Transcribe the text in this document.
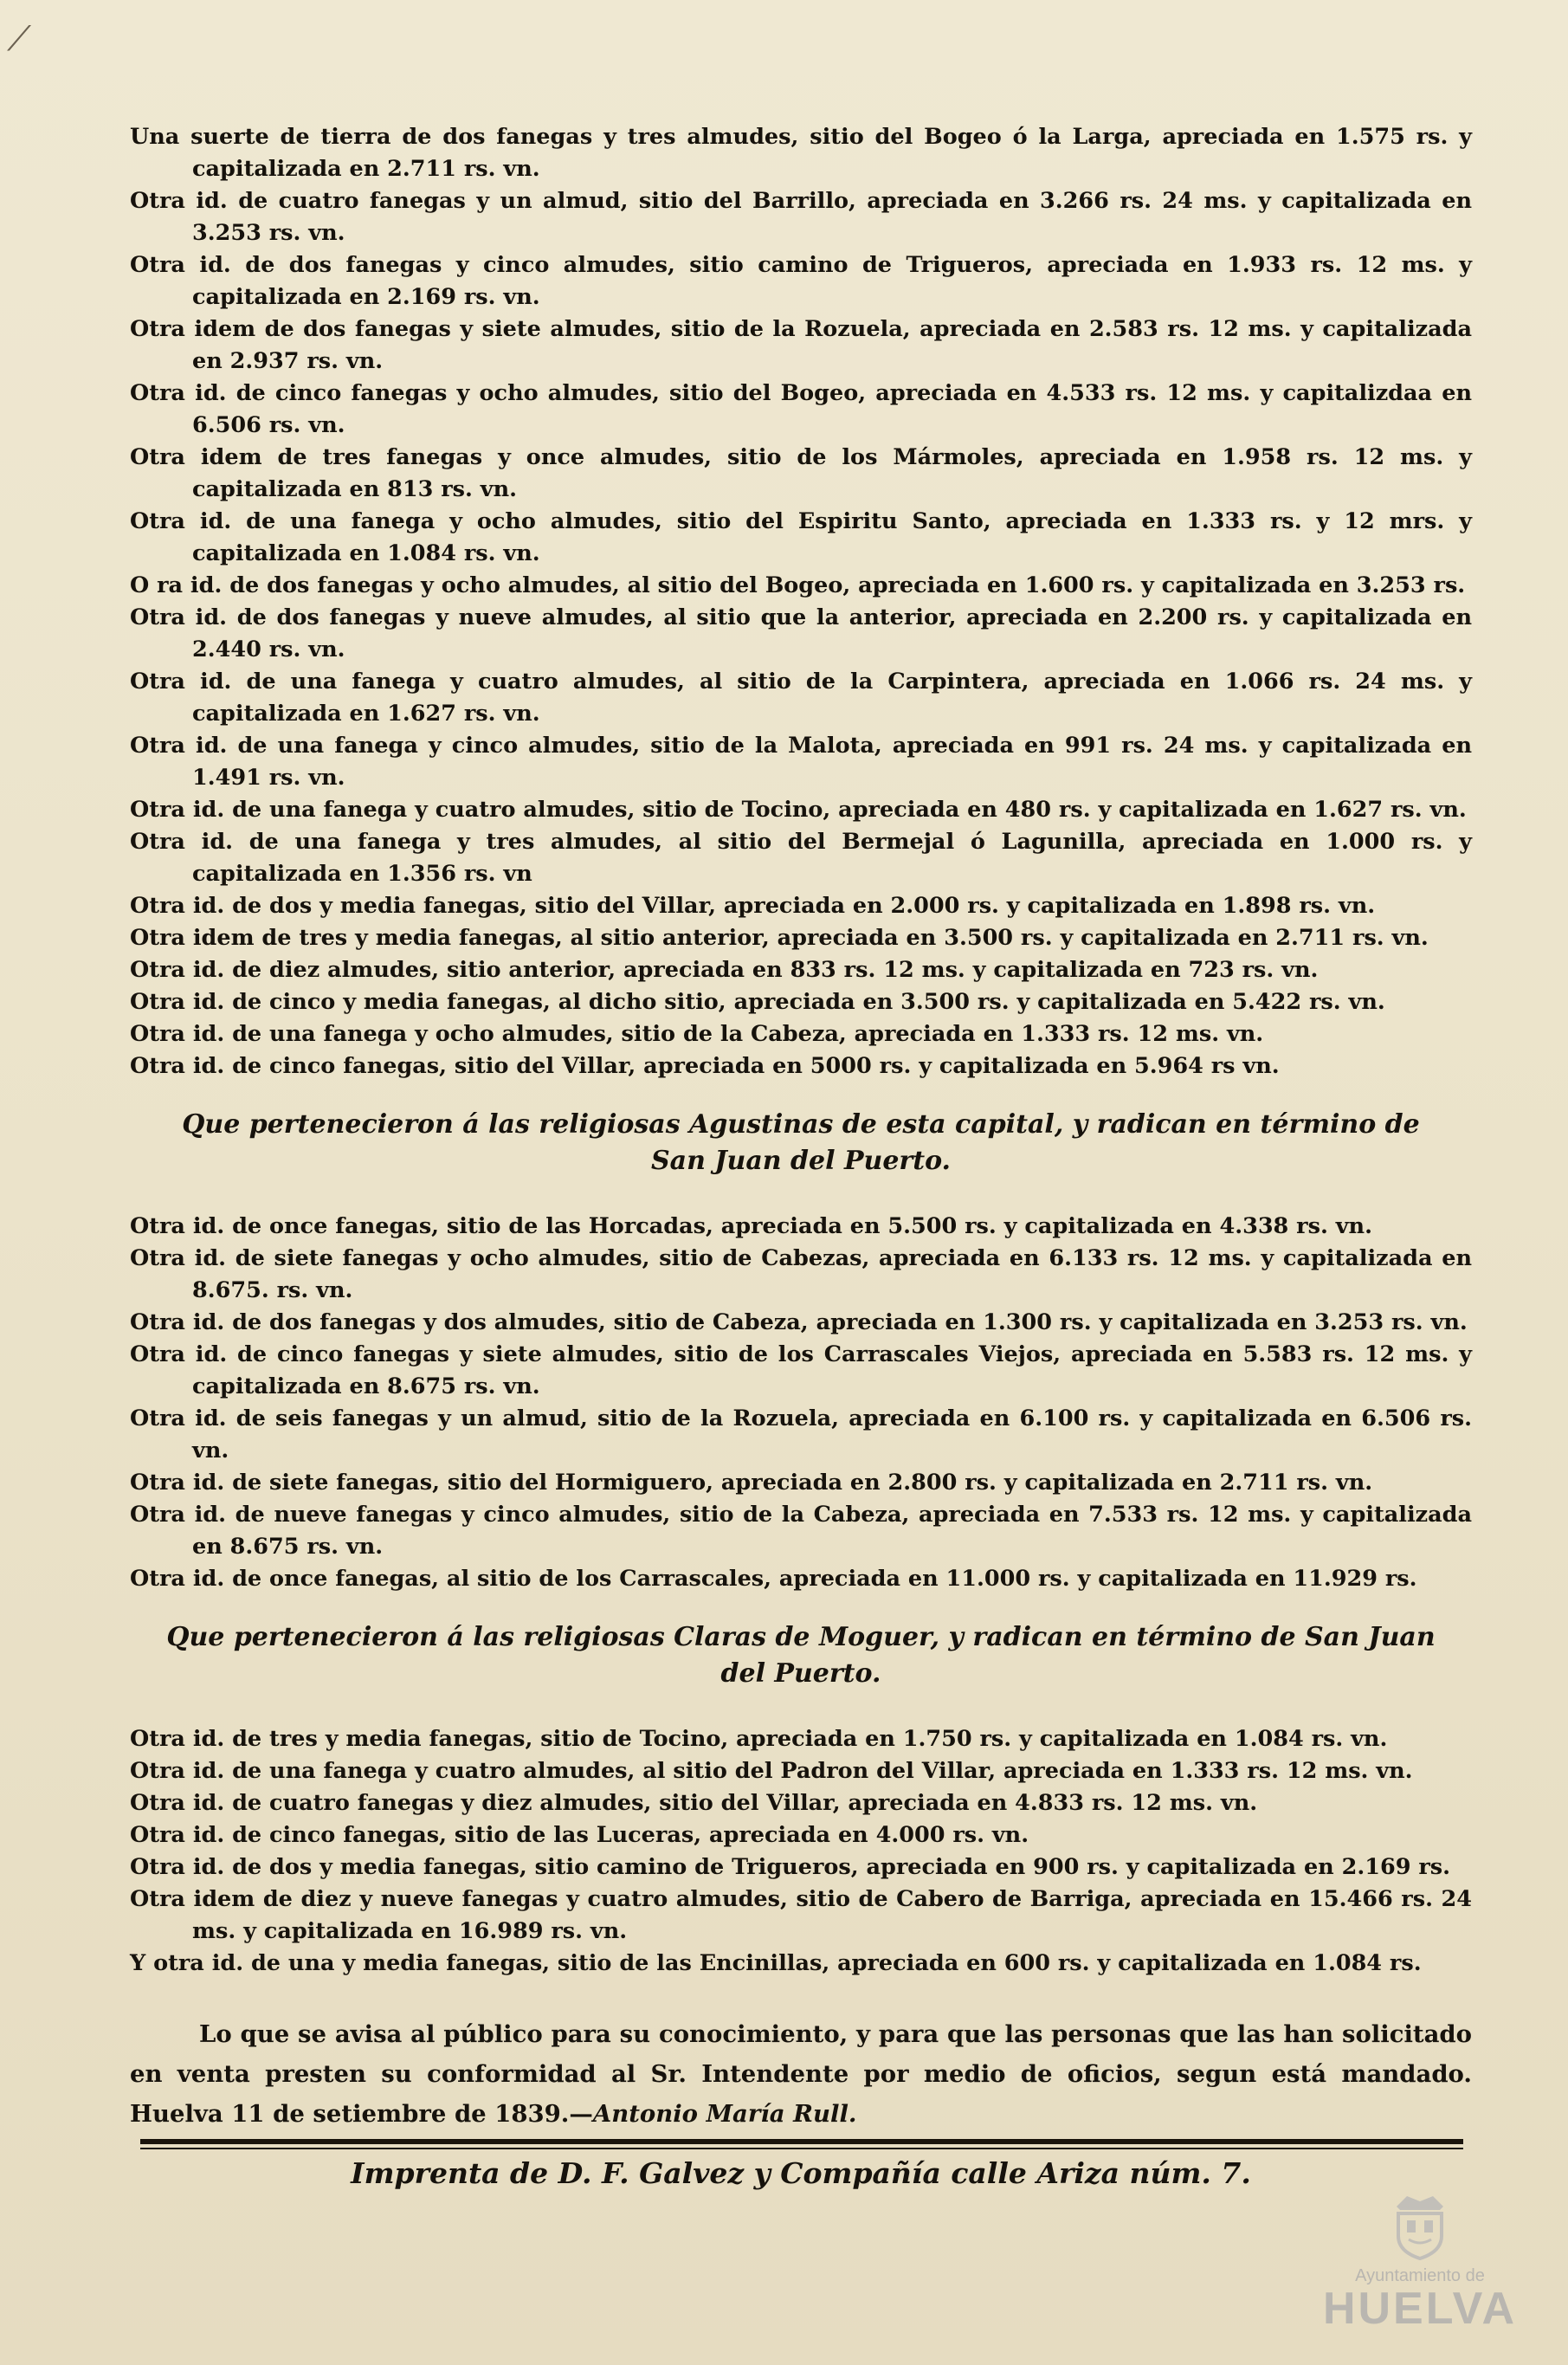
⟋

Una suerte de tierra de dos fanegas y tres almudes, sitio del Bogeo ó la Larga, apreciada en 1.575 rs. y capitalizada en 2.711 rs. vn.

Otra id. de cuatro fanegas y un almud, sitio del Barrillo, apreciada en 3.266 rs. 24 ms. y capitalizada en 3.253 rs. vn.

Otra id. de dos fanegas y cinco almudes, sitio camino de Trigueros, apreciada en 1.933 rs. 12 ms. y capitalizada en 2.169 rs. vn.

Otra idem de dos fanegas y siete almudes, sitio de la Rozuela, apreciada en 2.583 rs. 12 ms. y capitalizada en 2.937 rs. vn.

Otra id. de cinco fanegas y ocho almudes, sitio del Bogeo, apreciada en 4.533 rs. 12 ms. y capitalizdaa en 6.506 rs. vn.

Otra idem de tres fanegas y once almudes, sitio de los Mármoles, apreciada en 1.958 rs. 12 ms. y capitalizada en 813 rs. vn.

Otra id. de una fanega y ocho almudes, sitio del Espiritu Santo, apreciada en 1.333 rs. y 12 mrs. y capitalizada en 1.084 rs. vn.

O ra id. de dos fanegas y ocho almudes, al sitio del Bogeo, apreciada en 1.600 rs. y capitalizada en 3.253 rs.

Otra id. de dos fanegas y nueve almudes, al sitio que la anterior, apreciada en 2.200 rs. y capitalizada en 2.440 rs. vn.

Otra id. de una fanega y cuatro almudes, al sitio de la Carpintera, apreciada en 1.066 rs. 24 ms. y capitalizada en 1.627 rs. vn.

Otra id. de una fanega y cinco almudes, sitio de la Malota, apreciada en 991 rs. 24 ms. y capitalizada en 1.491 rs. vn.

Otra id. de una fanega y cuatro almudes, sitio de Tocino, apreciada en 480 rs. y capitalizada en 1.627 rs. vn.

Otra id. de una fanega y tres almudes, al sitio del Bermejal ó Lagunilla, apreciada en 1.000 rs. y capitalizada en 1.356 rs. vn

Otra id. de dos y media fanegas, sitio del Villar, apreciada en 2.000 rs. y capitalizada en 1.898 rs. vn.

Otra idem de tres y media fanegas, al sitio anterior, apreciada en 3.500 rs. y capitalizada en 2.711 rs. vn.

Otra id. de diez almudes, sitio anterior, apreciada en 833 rs. 12 ms. y capitalizada en 723 rs. vn.

Otra id. de cinco y media fanegas, al dicho sitio, apreciada en 3.500 rs. y capitalizada en 5.422 rs. vn.

Otra id. de una fanega y ocho almudes, sitio de la Cabeza, apreciada en 1.333 rs. 12 ms. vn.

Otra id. de cinco fanegas, sitio del Villar, apreciada en 5000 rs. y capitalizada en 5.964 rs vn.

Que pertenecieron á las religiosas Agustinas de esta capital, y radican en término de San Juan del Puerto.

Otra id. de once fanegas, sitio de las Horcadas, apreciada en 5.500 rs. y capitalizada en 4.338 rs. vn.

Otra id. de siete fanegas y ocho almudes, sitio de Cabezas, apreciada en 6.133 rs. 12 ms. y capitalizada en 8.675. rs. vn.

Otra id. de dos fanegas y dos almudes, sitio de Cabeza, apreciada en 1.300 rs. y capitalizada en 3.253 rs. vn.

Otra id. de cinco fanegas y siete almudes, sitio de los Carrascales Viejos, apreciada en 5.583 rs. 12 ms. y capitalizada en 8.675 rs. vn.

Otra id. de seis fanegas y un almud, sitio de la Rozuela, apreciada en 6.100 rs. y capitalizada en 6.506 rs. vn.

Otra id. de siete fanegas, sitio del Hormiguero, apreciada en 2.800 rs. y capitalizada en 2.711 rs. vn.

Otra id. de nueve fanegas y cinco almudes, sitio de la Cabeza, apreciada en 7.533 rs. 12 ms. y capitalizada en 8.675 rs. vn.

Otra id. de once fanegas, al sitio de los Carrascales, apreciada en 11.000 rs. y capitalizada en 11.929 rs.

Que pertenecieron á las religiosas Claras de Moguer, y radican en término de San Juan del Puerto.

Otra id. de tres y media fanegas, sitio de Tocino, apreciada en 1.750 rs. y capitalizada en 1.084 rs. vn.

Otra id. de una fanega y cuatro almudes, al sitio del Padron del Villar, apreciada en 1.333 rs. 12 ms. vn.

Otra id. de cuatro fanegas y diez almudes, sitio del Villar, apreciada en 4.833 rs. 12 ms. vn.

Otra id. de cinco fanegas, sitio de las Luceras, apreciada en 4.000 rs. vn.

Otra id. de dos y media fanegas, sitio camino de Trigueros, apreciada en 900 rs. y capitalizada en 2.169 rs.

Otra idem de diez y nueve fanegas y cuatro almudes, sitio de Cabero de Barriga, apreciada en 15.466 rs. 24 ms. y capitalizada en 16.989 rs. vn.

Y otra id. de una y media fanegas, sitio de las Encinillas, apreciada en 600 rs. y capitalizada en 1.084 rs.

Lo que se avisa al público para su conocimiento, y para que las personas que las han solicitado en venta presten su conformidad al Sr. Intendente por medio de oficios, segun está mandado. Huelva 11 de setiembre de 1839.—Antonio María Rull.

Imprenta de D. F. Galvez y Compañía calle Ariza núm. 7.
Ayuntamiento de
HUELVA
